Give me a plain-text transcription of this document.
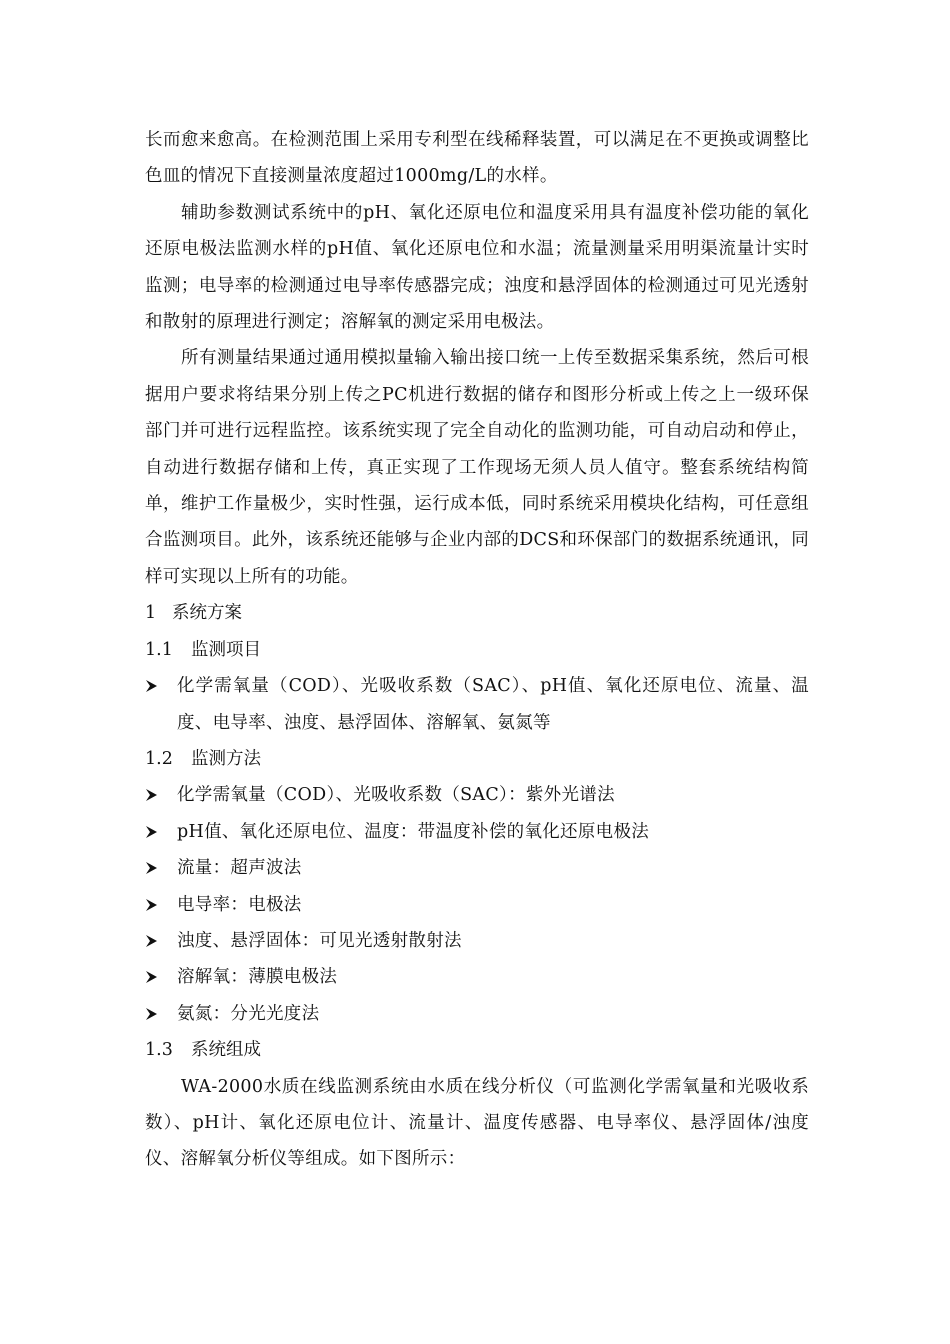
长而愈来愈高。在检测范围上采用专利型在线稀释装置，可以满足在不更换或调整比色皿的情况下直接测量浓度超过1000mg/L的水样。

辅助参数测试系统中的pH、氧化还原电位和温度采用具有温度补偿功能的氧化还原电极法监测水样的pH值、氧化还原电位和水温；流量测量采用明渠流量计实时监测；电导率的检测通过电导率传感器完成；浊度和悬浮固体的检测通过可见光透射和散射的原理进行测定；溶解氧的测定采用电极法。

所有测量结果通过通用模拟量输入输出接口统一上传至数据采集系统，然后可根据用户要求将结果分别上传之PC机进行数据的储存和图形分析或上传之上一级环保部门并可进行远程监控。该系统实现了完全自动化的监测功能，可自动启动和停止，自动进行数据存储和上传，真正实现了工作现场无须人员人值守。整套系统结构简单，维护工作量极少，实时性强，运行成本低，同时系统采用模块化结构，可任意组合监测项目。此外，该系统还能够与企业内部的DCS和环保部门的数据系统通讯，同样可实现以上所有的功能。

1 系统方案
1.1 监测项目
化学需氧量（COD）、光吸收系数（SAC）、pH值、氧化还原电位、流量、温度、电导率、浊度、悬浮固体、溶解氧、氨氮等
1.2 监测方法
化学需氧量（COD）、光吸收系数（SAC）：紫外光谱法
pH值、氧化还原电位、温度：带温度补偿的氧化还原电极法
流量：超声波法
电导率：电极法
浊度、悬浮固体：可见光透射散射法
溶解氧：薄膜电极法
氨氮：分光光度法
1.3 系统组成

WA-2000水质在线监测系统由水质在线分析仪（可监测化学需氧量和光吸收系数）、pH计、氧化还原电位计、流量计、温度传感器、电导率仪、悬浮固体/浊度仪、溶解氧分析仪等组成。如下图所示：
